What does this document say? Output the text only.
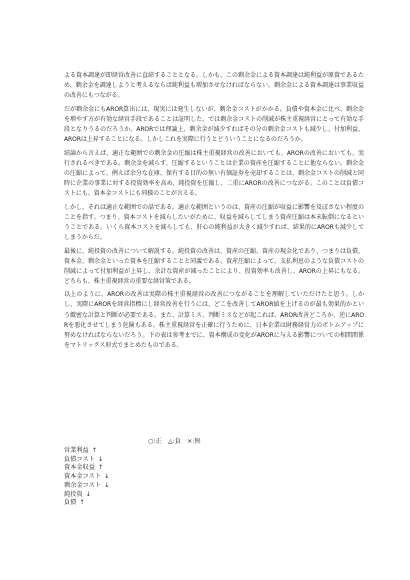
よる資本調達が即経営改善に直結することとなる。しかも、この剰余金による資本調達は純利益が原資であるため、剰余金を調達しようと考えるならば純利益も増加させなければならない。剰余金による資本調達は事業収益の改善にもつながる。

だが剰余金にもAROR算出には、現実には発生しないが、剰余金コストがかかる。負債や資本金に比べ、剰余金を増やす方が有効な経営手段であることは証明した。では剰余金コストの削減が株主重視経営にとって有効な手段となりうるのだろうか。ARORでは理論上、剰余金が減少すればその分の剰余金コストも減少し、付加利益、ARORは上昇することになる。しかしこれを実際に行うとどういうことになるのだろうか。

結論から言えば、適正な範囲での剰余金の圧縮は株主重視経営の改善においても、ARORの改善においても、実行されるべきである。剰余金を減らす、圧縮するということは企業の資産を圧縮することに他ならない。剰余金の圧縮によって、例えば余分な在庫、保有する目的の無い有価証券を売却することは、剰余金コストの削減と同時に企業の事業に対する投資効率を高め、純投資を圧縮し、二重にARORの改善につながる。このことは負債コストにも、資本金コストにも同様のことが言える。

しかし、それは適正な範囲での話である。適正な範囲というのは、資産の圧縮が収益に影響を及ぼさない程度のことを指す。つまり、資本コストを減らしたいがために、収益を減らしてしまう資産圧縮は本末転倒になるということである。いくら資本コストを減らしても、肝心の純利益が大きく減少すれば、結果的にARORも減少してしまうからだ。

最後に、純投資の改善について解説する。純投資の改善は、資産の圧縮、資産の現金化であり、つまりは負債、資本金、剰余金といった資本を圧縮することと同義である。資産圧縮によって、支払利息のような負債コストの削減によって付加利益が上昇し、余計な資産が減ったことにより、投資効率も改善し、ARORの上昇にもなる。どちらも、株主重視経営の重要な経営策である。

以上のように、ARORの改善は実際の株主重視経営の改善につながることを理解していただけたと思う。しかし、実際にARORを経営指標にし経営改善を行うには、どこを改善してAROR値を上げるのが最も効果的かという緻密な計算と判断が必要である。また、計算ミス、判断ミスなどが起これば、AROR改善どころか、逆にARORを悪化させてしまう危険もある。株主重視経営を正確に行うために、日本企業は財務経営力のボトムアップに努めなければならないだろう。下の表は参考までに、資本構成の変化がARORに与える影響についての相関関係をマトリックス形式でまとめたものである。

○:正　△:負　×:無
営業利益 ↑
負債コスト ↓
資本金収益 ↑
資本金コスト ↓
剰余金コスト ↓
純投資 ↓
負債 ↑
